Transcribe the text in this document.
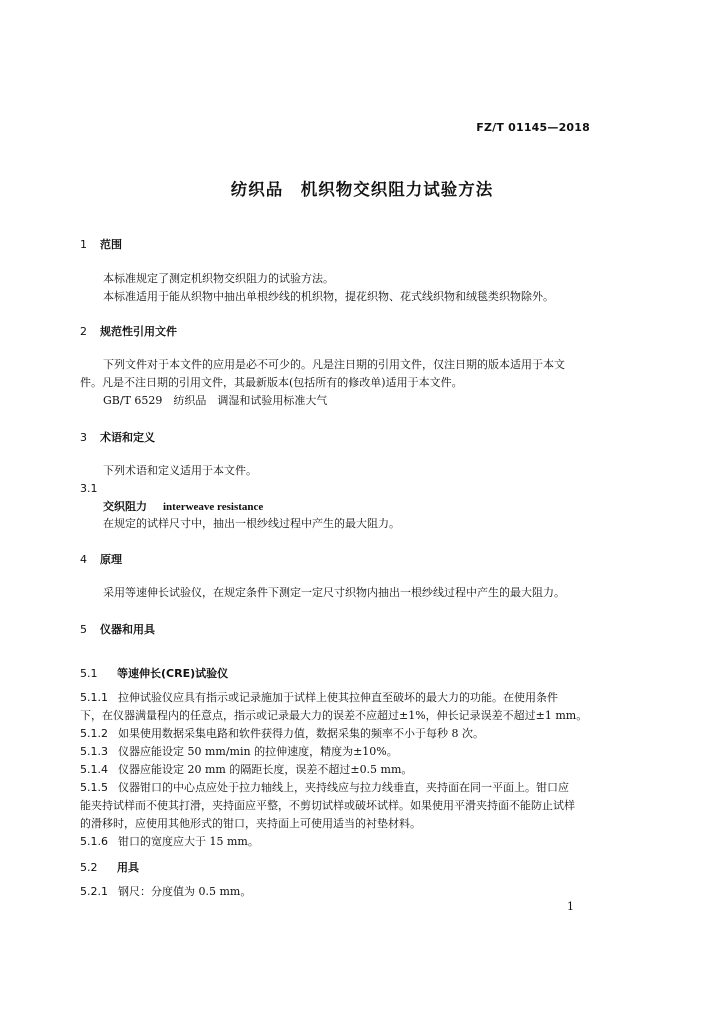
FZ/T 01145—2018
纺织品　机织物交织阻力试验方法
1 范围
本标准规定了测定机织物交织阻力的试验方法。
本标准适用于能从织物中抽出单根纱线的机织物，提花织物、花式线织物和绒毯类织物除外。
2 规范性引用文件
下列文件对于本文件的应用是必不可少的。凡是注日期的引用文件，仅注日期的版本适用于本文
件。凡是不注日期的引用文件，其最新版本(包括所有的修改单)适用于本文件。
GB/T 6529　纺织品　调湿和试验用标准大气
3 术语和定义
下列术语和定义适用于本文件。
3.1
交织阻力 interweave resistance
在规定的试样尺寸中，抽出一根纱线过程中产生的最大阻力。
4 原理
采用等速伸长试验仪，在规定条件下测定一定尺寸织物内抽出一根纱线过程中产生的最大阻力。
5 仪器和用具
5.1 等速伸长(CRE)试验仪
5.1.1 拉伸试验仪应具有指示或记录施加于试样上使其拉伸直至破坏的最大力的功能。在使用条件
下，在仪器满量程内的任意点，指示或记录最大力的误差不应超过±1%，伸长记录误差不超过±1 mm。
5.1.2 如果使用数据采集电路和软件获得力值，数据采集的频率不小于每秒 8 次。
5.1.3 仪器应能设定 50 mm/min 的拉伸速度，精度为±10%。
5.1.4 仪器应能设定 20 mm 的隔距长度，误差不超过±0.5 mm。
5.1.5 仪器钳口的中心点应处于拉力轴线上，夹持线应与拉力线垂直，夹持面在同一平面上。钳口应
能夹持试样而不使其打滑，夹持面应平整，不剪切试样或破坏试样。如果使用平滑夹持面不能防止试样
的滑移时，应使用其他形式的钳口，夹持面上可使用适当的衬垫材料。
5.1.6 钳口的宽度应大于 15 mm。
5.2 用具
5.2.1 钢尺：分度值为 0.5 mm。
1
